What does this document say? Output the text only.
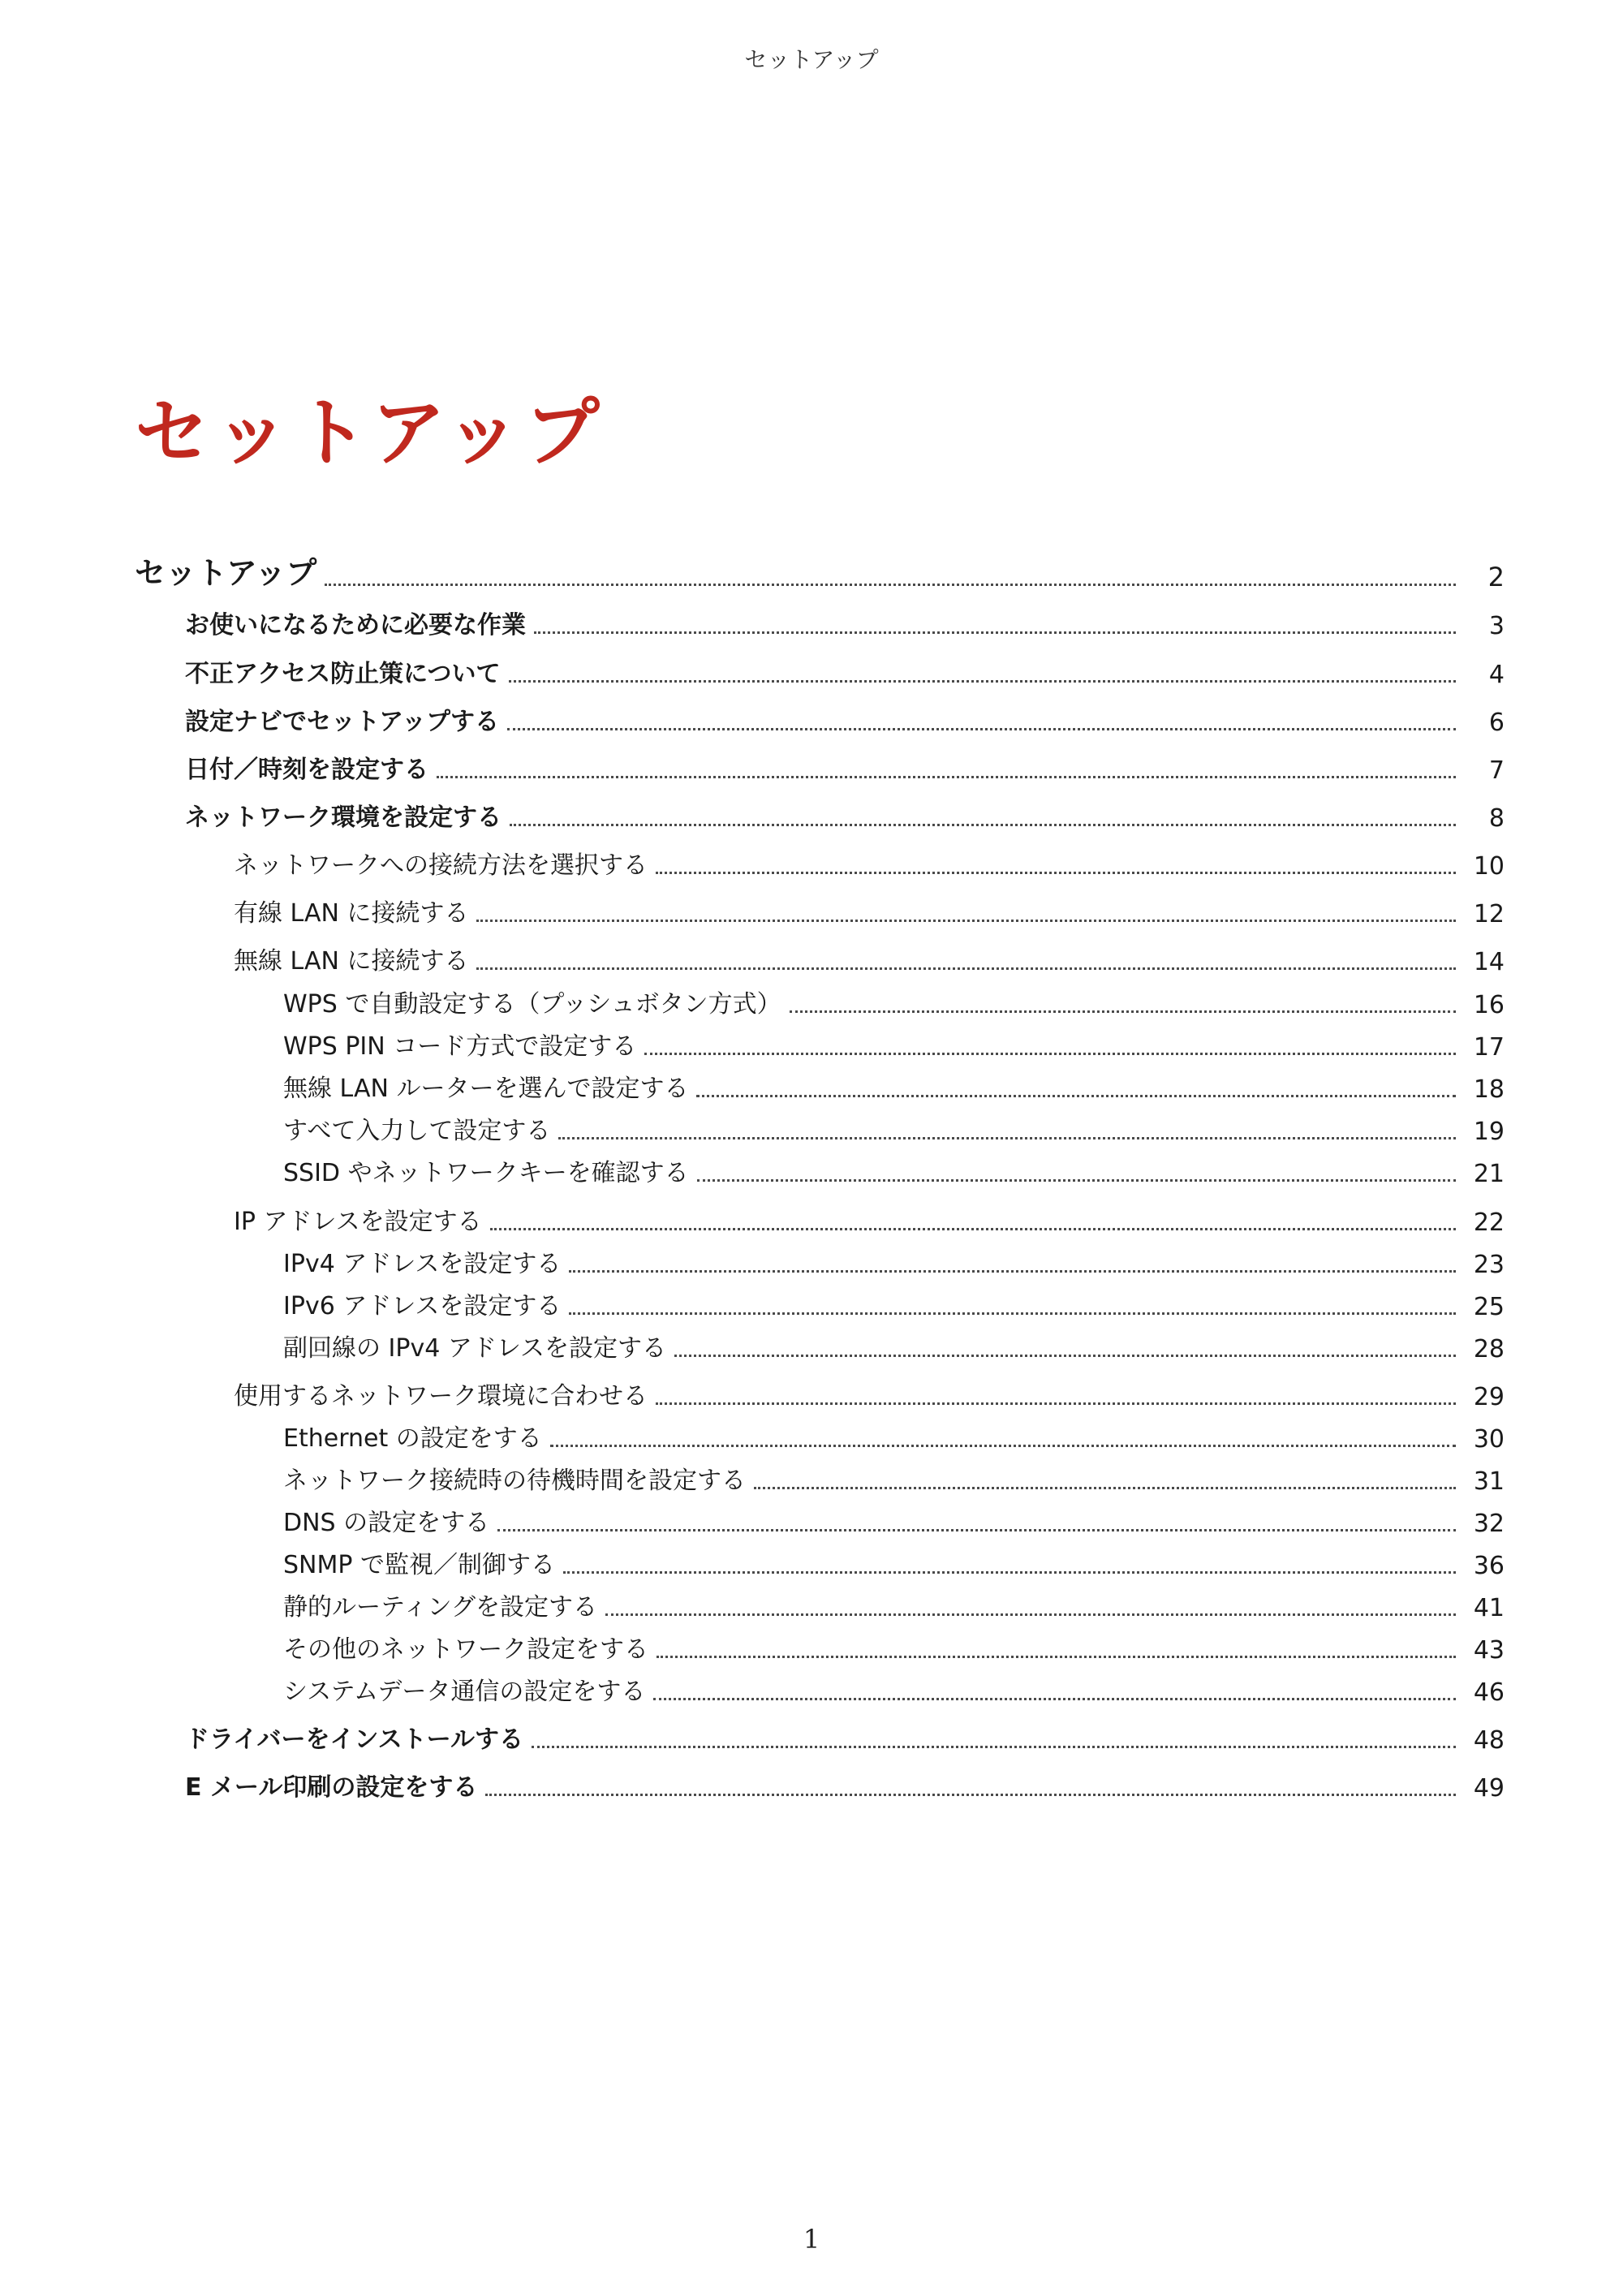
セットアップ
セットアップ
セットアップ	2
お使いになるために必要な作業	3
不正アクセス防止策について	4
設定ナビでセットアップする	6
日付／時刻を設定する	7
ネットワーク環境を設定する	8
ネットワークへの接続方法を選択する	10
有線 LAN に接続する	12
無線 LAN に接続する	14
WPS で自動設定する（プッシュボタン方式）	16
WPS PIN コード方式で設定する	17
無線 LAN ルーターを選んで設定する	18
すべて入力して設定する	19
SSID やネットワークキーを確認する	21
IP アドレスを設定する	22
IPv4 アドレスを設定する	23
IPv6 アドレスを設定する	25
副回線の IPv4 アドレスを設定する	28
使用するネットワーク環境に合わせる	29
Ethernet の設定をする	30
ネットワーク接続時の待機時間を設定する	31
DNS の設定をする	32
SNMP で監視／制御する	36
静的ルーティングを設定する	41
その他のネットワーク設定をする	43
システムデータ通信の設定をする	46
ドライバーをインストールする	48
E メール印刷の設定をする	49
1
